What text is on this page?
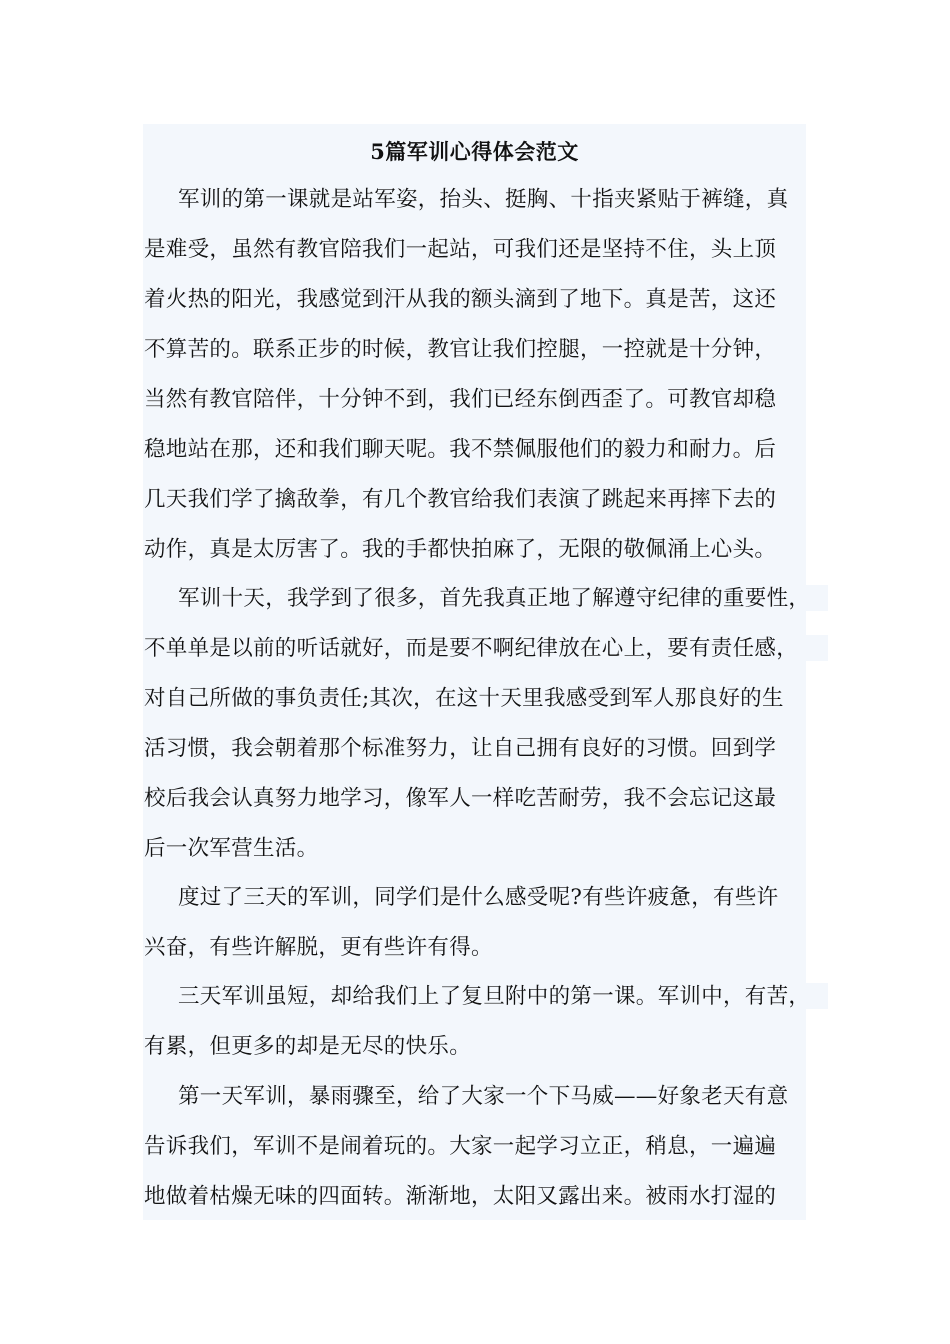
5篇军训心得体会范文
军训的第一课就是站军姿，抬头、挺胸、十指夹紧贴于裤缝，真
是难受，虽然有教官陪我们一起站，可我们还是坚持不住，头上顶
着火热的阳光，我感觉到汗从我的额头滴到了地下。真是苦，这还
不算苦的。联系正步的时候，教官让我们控腿，一控就是十分钟，
当然有教官陪伴，十分钟不到，我们已经东倒西歪了。可教官却稳
稳地站在那，还和我们聊天呢。我不禁佩服他们的毅力和耐力。后
几天我们学了擒敌拳，有几个教官给我们表演了跳起来再摔下去的
动作，真是太厉害了。我的手都快拍麻了，无限的敬佩涌上心头。
军训十天，我学到了很多，首先我真正地了解遵守纪律的重要性，
不单单是以前的听话就好，而是要不啊纪律放在心上，要有责任感，
对自己所做的事负责任;其次，在这十天里我感受到军人那良好的生
活习惯，我会朝着那个标准努力，让自己拥有良好的习惯。回到学
校后我会认真努力地学习，像军人一样吃苦耐劳，我不会忘记这最
后一次军营生活。
度过了三天的军训，同学们是什么感受呢?有些许疲惫，有些许
兴奋，有些许解脱，更有些许有得。
三天军训虽短，却给我们上了复旦附中的第一课。军训中，有苦，
有累，但更多的却是无尽的快乐。
第一天军训，暴雨骤至，给了大家一个下马威——好象老天有意
告诉我们，军训不是闹着玩的。大家一起学习立正，稍息，一遍遍
地做着枯燥无味的四面转。渐渐地，太阳又露出来。被雨水打湿的
